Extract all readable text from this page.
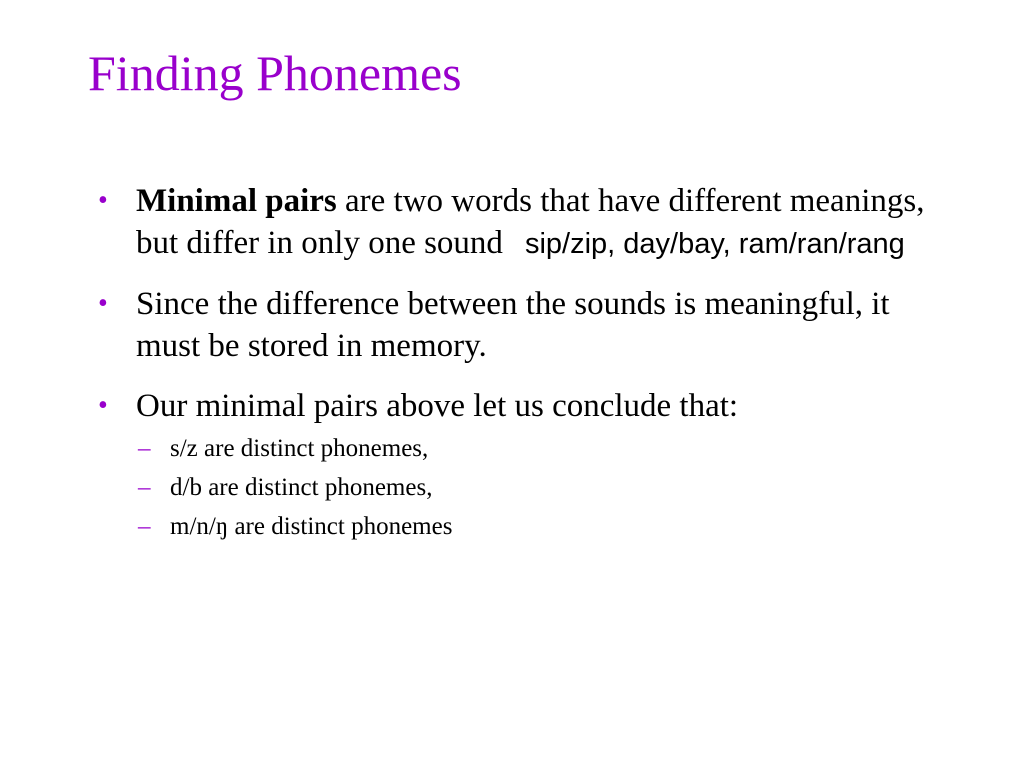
Finding Phonemes
• Minimal pairs are two words that have different meanings, but differ in only one sound sip/zip, day/bay, ram/ran/rang
• Since the difference between the sounds is meaningful, it must be stored in memory.
• Our minimal pairs above let us conclude that:
– s/z are distinct phonemes,
– d/b are distinct phonemes,
– m/n/ŋ are distinct phonemes
